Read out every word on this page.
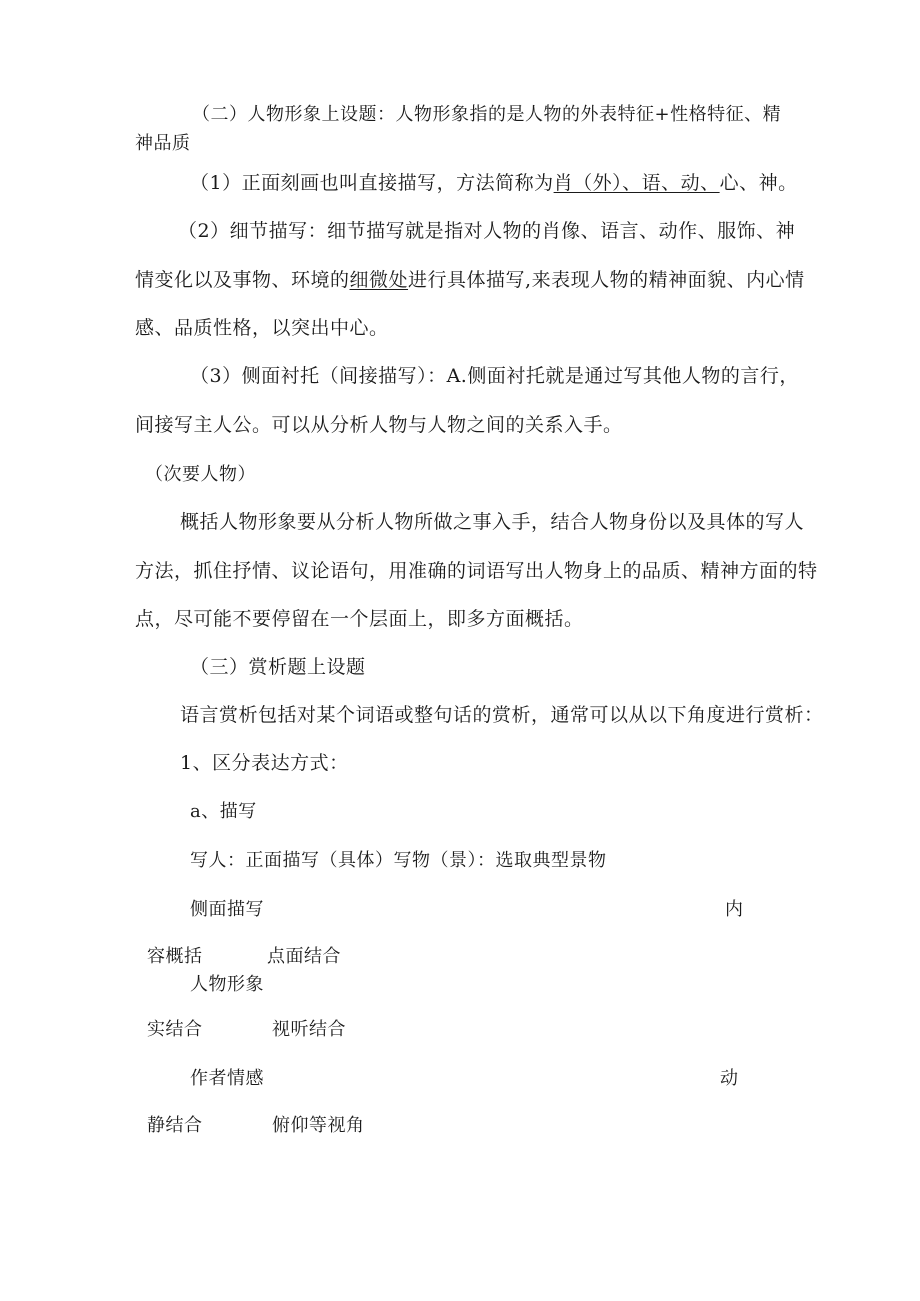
（二）人物形象上设题：人物形象指的是人物的外表特征+性格特征、精
神品质
（1）正面刻画也叫直接描写，方法简称为肖（外）、语、动、心、神。
（2）细节描写：细节描写就是指对人物的肖像、语言、动作、服饰、神
情变化以及事物、环境的细微处进行具体描写,来表现人物的精神面貌、内心情
感、品质性格，以突出中心。
（3）侧面衬托（间接描写）：A.侧面衬托就是通过写其他人物的言行，
间接写主人公。可以从分析人物与人物之间的关系入手。
（次要人物）
概括人物形象要从分析人物所做之事入手，结合人物身份以及具体的写人
方法，抓住抒情、议论语句，用准确的词语写出人物身上的品质、精神方面的特
点，尽可能不要停留在一个层面上，即多方面概括。
（三）赏析题上设题
语言赏析包括对某个词语或整句话的赏析，通常可以从以下角度进行赏析：
1、区分表达方式：
a、描写
写人：正面描写（具体）写物（景）：选取典型景物
侧面描写	内
容概括	点面结合
人物形象
实结合	视听结合
作者情感	动
静结合	俯仰等视角
